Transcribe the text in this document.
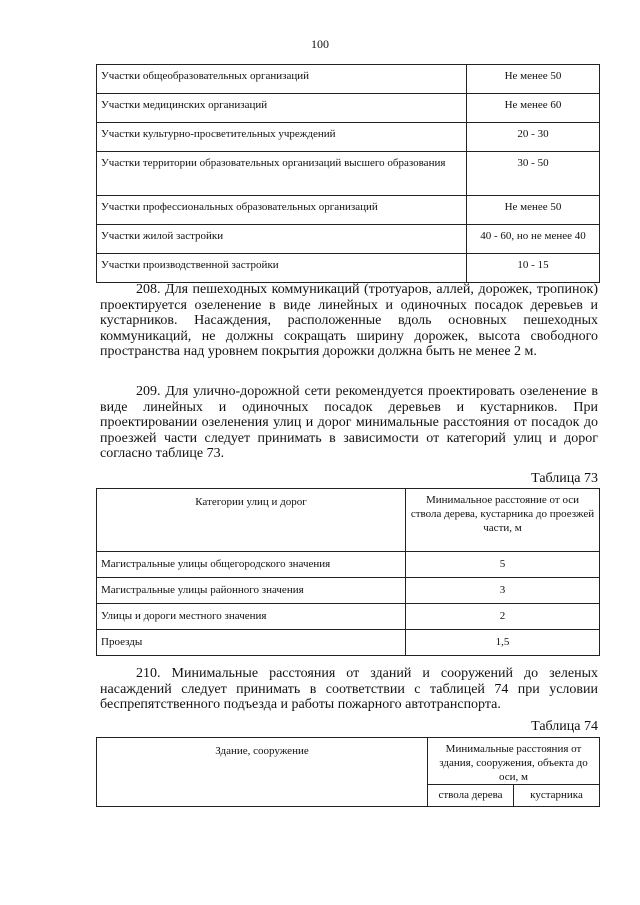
100
Участки общеобразовательных организаций	Не менее 50
Участки медицинских организаций	Не менее 60
Участки культурно-просветительных учреждений	20 - 30
Участки территории образовательных организаций высшего образования	30 - 50
Участки профессиональных образовательных организаций	Не менее 50
Участки жилой застройки	40 - 60, но не менее 40
Участки производственной застройки	10 - 15

208. Для пешеходных коммуникаций (тротуаров, аллей, дорожек, тропинок) проектируется озеленение в виде линейных и одиночных посадок деревьев и кустарников. Насаждения, расположенные вдоль основных пешеходных коммуникаций, не должны сокращать ширину дорожек, высота свободного пространства над уровнем покрытия дорожки должна быть не менее 2 м.

209. Для улично-дорожной сети рекомендуется проектировать озеленение в виде линейных и одиночных посадок деревьев и кустарников. При проектировании озеленения улиц и дорог минимальные расстояния от посадок до проезжей части следует принимать в зависимости от категорий улиц и дорог согласно таблице 73.

Таблица 73
Категории улиц и дорог	Минимальное расстояние от оси ствола дерева, кустарника до проезжей части, м
Магистральные улицы общегородского значения	5
Магистральные улицы районного значения	3
Улицы и дороги местного значения	2
Проезды	1,5

210. Минимальные расстояния от зданий и сооружений до зеленых насаждений следует принимать в соответствии с таблицей 74 при условии беспрепятственного подъезда и работы пожарного автотранспорта.

Таблица 74
Здание, сооружение	Минимальные расстояния от здания, сооружения, объекта до оси, м	
	ствола дерева	кустарника
